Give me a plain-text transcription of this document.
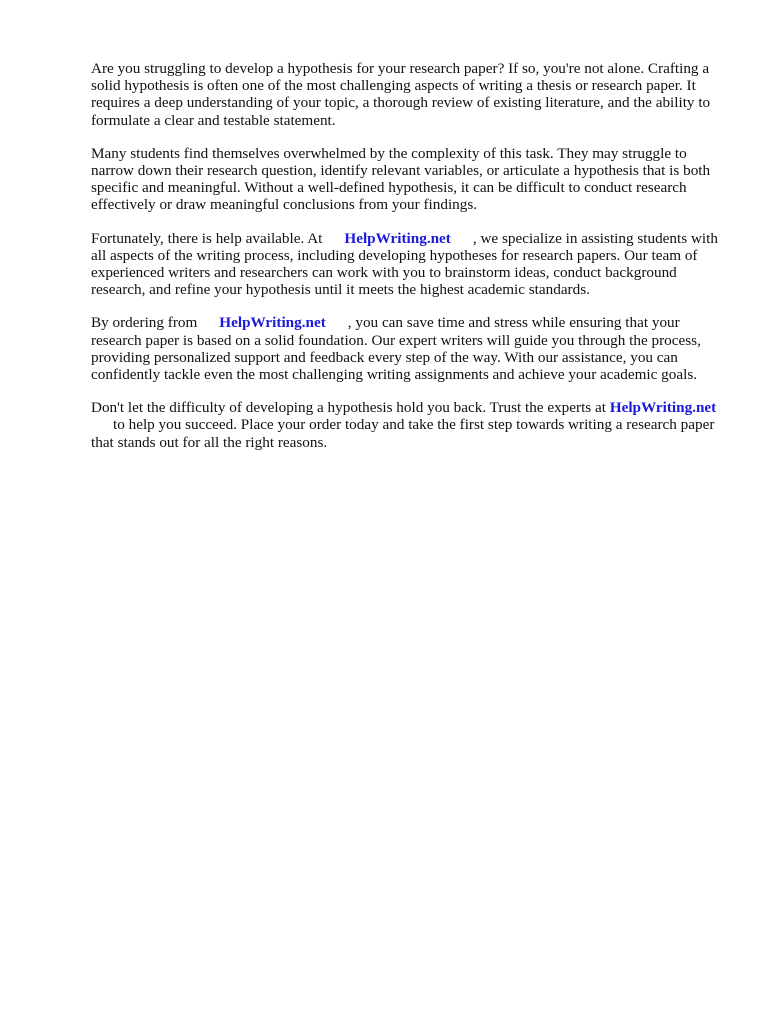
Are you struggling to develop a hypothesis for your research paper? If so, you're not alone. Crafting a solid hypothesis is often one of the most challenging aspects of writing a thesis or research paper. It requires a deep understanding of your topic, a thorough review of existing literature, and the ability to formulate a clear and testable statement.

Many students find themselves overwhelmed by the complexity of this task. They may struggle to narrow down their research question, identify relevant variables, or articulate a hypothesis that is both specific and meaningful. Without a well-defined hypothesis, it can be difficult to conduct research effectively or draw meaningful conclusions from your findings.

Fortunately, there is help available. At HelpWriting.net , we specialize in assisting students with all aspects of the writing process, including developing hypotheses for research papers. Our team of experienced writers and researchers can work with you to brainstorm ideas, conduct background research, and refine your hypothesis until it meets the highest academic standards.

By ordering from HelpWriting.net , you can save time and stress while ensuring that your research paper is based on a solid foundation. Our expert writers will guide you through the process, providing personalized support and feedback every step of the way. With our assistance, you can confidently tackle even the most challenging writing assignments and achieve your academic goals.

Don't let the difficulty of developing a hypothesis hold you back. Trust the experts at HelpWriting.netto help you succeed. Place your order today and take the first step towards writing a research paper that stands out for all the right reasons.
